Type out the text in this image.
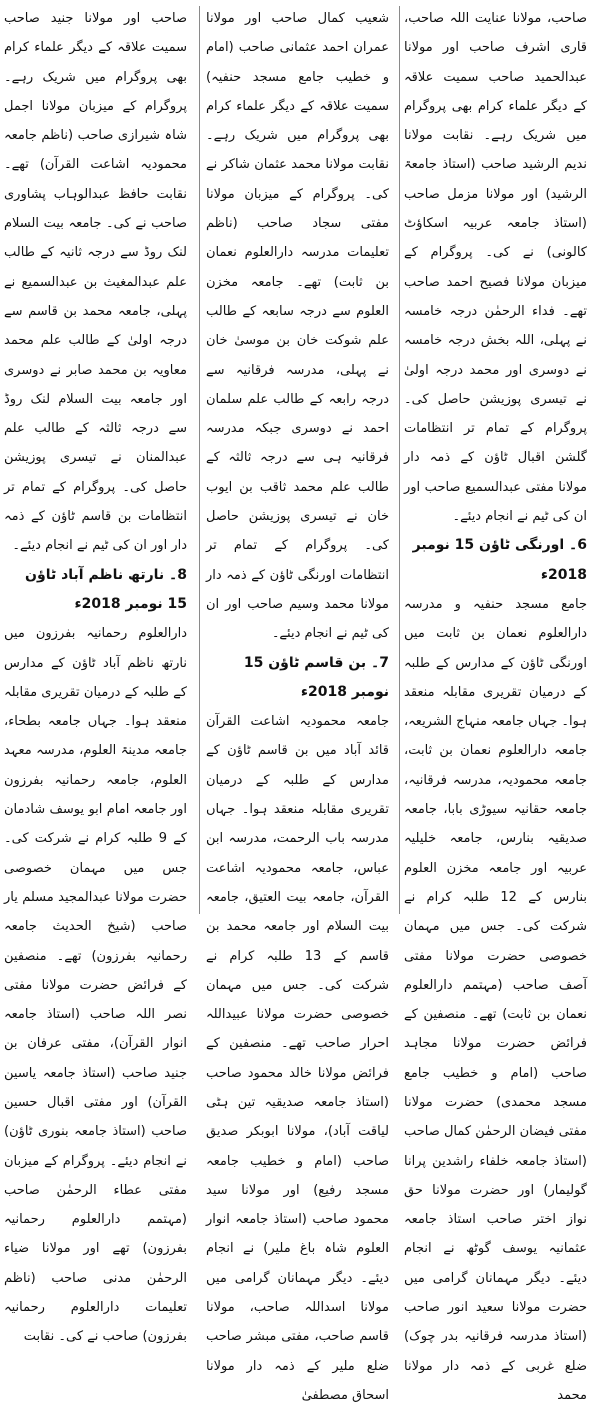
صاحب، مولانا عنایت اللہ صاحب، قاری اشرف صاحب اور مولانا عبدالحمید صاحب سمیت علاقہ کے دیگر علماء کرام بھی پروگرام میں شریک رہے۔ نقابت مولانا ندیم الرشید صاحب (استاذ جامعۃ الرشید) اور مولانا مزمل صاحب (استاذ جامعہ عربیہ اسکاؤٹ کالونی) نے کی۔ پروگرام کے میزبان مولانا فصیح احمد صاحب تھے۔ فداء الرحمٰن درجہ خامسہ نے پہلی، اللہ بخش درجہ خامسہ نے دوسری اور محمد درجہ اولیٰ نے تیسری پوزیشن حاصل کی۔ پروگرام کے تمام تر انتظامات گلشن اقبال ٹاؤن کے ذمہ دار مولانا مفتی عبدالسمیع صاحب اور ان کی ٹیم نے انجام دیئے۔

6۔ اورنگی ٹاؤن 15 نومبر 2018ء

جامع مسجد حنفیہ و مدرسہ دارالعلوم نعمان بن ثابت میں اورنگی ٹاؤن کے مدارس کے طلبہ کے درمیان تقریری مقابلہ منعقد ہوا۔ جہاں جامعہ منہاج الشریعہ، جامعہ دارالعلوم نعمان بن ثابت، جامعہ محمودیہ، مدرسہ فرقانیہ، جامعہ حقانیہ سیوڑی بابا، جامعہ صدیقیہ بنارس، جامعہ خلیلیہ عربیہ اور جامعہ مخزن العلوم بنارس کے 12 طلبہ کرام نے شرکت کی۔ جس میں مہمان خصوصی حضرت مولانا مفتی آصف صاحب (مہتمم دارالعلوم نعمان بن ثابت) تھے۔ منصفین کے فرائض حضرت مولانا مجاہد صاحب (امام و خطیب جامع مسجد محمدی) حضرت مولانا مفتی فیضان الرحمٰن کمال صاحب (استاذ جامعہ خلفاء راشدین پرانا گولیمار) اور حضرت مولانا حق نواز اختر صاحب استاذ جامعہ عثمانیہ یوسف گوٹھ نے انجام دیئے۔ دیگر مہمانان گرامی میں حضرت مولانا سعید انور صاحب (استاذ مدرسہ فرقانیہ بدر چوک) ضلع غربی کے ذمہ دار مولانا محمد

شعیب کمال صاحب اور مولانا عمران احمد عثمانی صاحب (امام و خطیب جامع مسجد حنفیہ) سمیت علاقہ کے دیگر علماء کرام بھی پروگرام میں شریک رہے۔ نقابت مولانا محمد عثمان شاکر نے کی۔ پروگرام کے میزبان مولانا مفتی سجاد صاحب (ناظم تعلیمات مدرسہ دارالعلوم نعمان بن ثابت) تھے۔ جامعہ مخزن العلوم سے درجہ سابعہ کے طالب علم شوکت خان بن موسیٰ خان نے پہلی، مدرسہ فرقانیہ سے درجہ رابعہ کے طالب علم سلمان احمد نے دوسری جبکہ مدرسہ فرقانیہ ہی سے درجہ ثالثہ کے طالب علم محمد ثاقب بن ایوب خان نے تیسری پوزیشن حاصل کی۔ پروگرام کے تمام تر انتظامات اورنگی ٹاؤن کے ذمہ دار مولانا محمد وسیم صاحب اور ان کی ٹیم نے انجام دیئے۔

7۔ بن قاسم ٹاؤن 15 نومبر 2018ء

جامعہ محمودیہ اشاعت القرآن قائد آباد میں بن قاسم ٹاؤن کے مدارس کے طلبہ کے درمیان تقریری مقابلہ منعقد ہوا۔ جہاں مدرسہ باب الرحمت، مدرسہ ابن عباس، جامعہ محمودیہ اشاعت القرآن، جامعہ بیت العتیق، جامعہ بیت السلام اور جامعہ محمد بن قاسم کے 13 طلبہ کرام نے شرکت کی۔ جس میں مہمان خصوصی حضرت مولانا عبیداللہ احرار صاحب تھے۔ منصفین کے فرائض مولانا خالد محمود صاحب (استاذ جامعہ صدیقیہ تین ہٹی لیاقت آباد)، مولانا ابوبکر صدیق صاحب (امام و خطیب جامعہ مسجد رفیع) اور مولانا سید محمود صاحب (استاذ جامعہ انوار العلوم شاہ باغ ملیر) نے انجام دیئے۔ دیگر مہمانان گرامی میں مولانا اسداللہ صاحب، مولانا قاسم صاحب، مفتی مبشر صاحب ضلع ملیر کے ذمہ دار مولانا اسحاق مصطفیٰ

صاحب اور مولانا جنید صاحب سمیت علاقہ کے دیگر علماء کرام بھی پروگرام میں شریک رہے۔ پروگرام کے میزبان مولانا اجمل شاہ شیرازی صاحب (ناظم جامعہ محمودیہ اشاعت القرآن) تھے۔ نقابت حافظ عبدالوہاب پشاوری صاحب نے کی۔ جامعہ بیت السلام لنک روڈ سے درجہ ثانیہ کے طالب علم عبدالمغیث بن عبدالسمیع نے پہلی، جامعہ محمد بن قاسم سے درجہ اولیٰ کے طالب علم محمد معاویہ بن محمد صابر نے دوسری اور جامعہ بیت السلام لنک روڈ سے درجہ ثالثہ کے طالب علم عبدالمنان نے تیسری پوزیشن حاصل کی۔ پروگرام کے تمام تر انتظامات بن قاسم ٹاؤن کے ذمہ دار اور ان کی ٹیم نے انجام دیئے۔

8۔ نارتھ ناظم آباد ٹاؤن 15 نومبر 2018ء

دارالعلوم رحمانیہ بفرزون میں نارتھ ناظم آباد ٹاؤن کے مدارس کے طلبہ کے درمیان تقریری مقابلہ منعقد ہوا۔ جہاں جامعہ بطحاء، جامعہ مدینۃ العلوم، مدرسہ معہد العلوم، جامعہ رحمانیہ بفرزون اور جامعہ امام ابو یوسف شادمان کے 9 طلبہ کرام نے شرکت کی۔ جس میں مہمان خصوصی حضرت مولانا عبدالمجید مسلم یار صاحب (شیخ الحدیث جامعہ رحمانیہ بفرزون) تھے۔ منصفین کے فرائض حضرت مولانا مفتی نصر اللہ صاحب (استاذ جامعہ انوار القرآن)، مفتی عرفان بن جنید صاحب (استاذ جامعہ یاسین القرآن) اور مفتی اقبال حسین صاحب (استاذ جامعہ بنوری ٹاؤن) نے انجام دیئے۔ پروگرام کے میزبان مفتی عطاء الرحمٰن صاحب (مہتمم دارالعلوم رحمانیہ بفرزون) تھے اور مولانا ضیاء الرحمٰن مدنی صاحب (ناظم تعلیمات دارالعلوم رحمانیہ بفرزون) صاحب نے کی۔ نقابت
